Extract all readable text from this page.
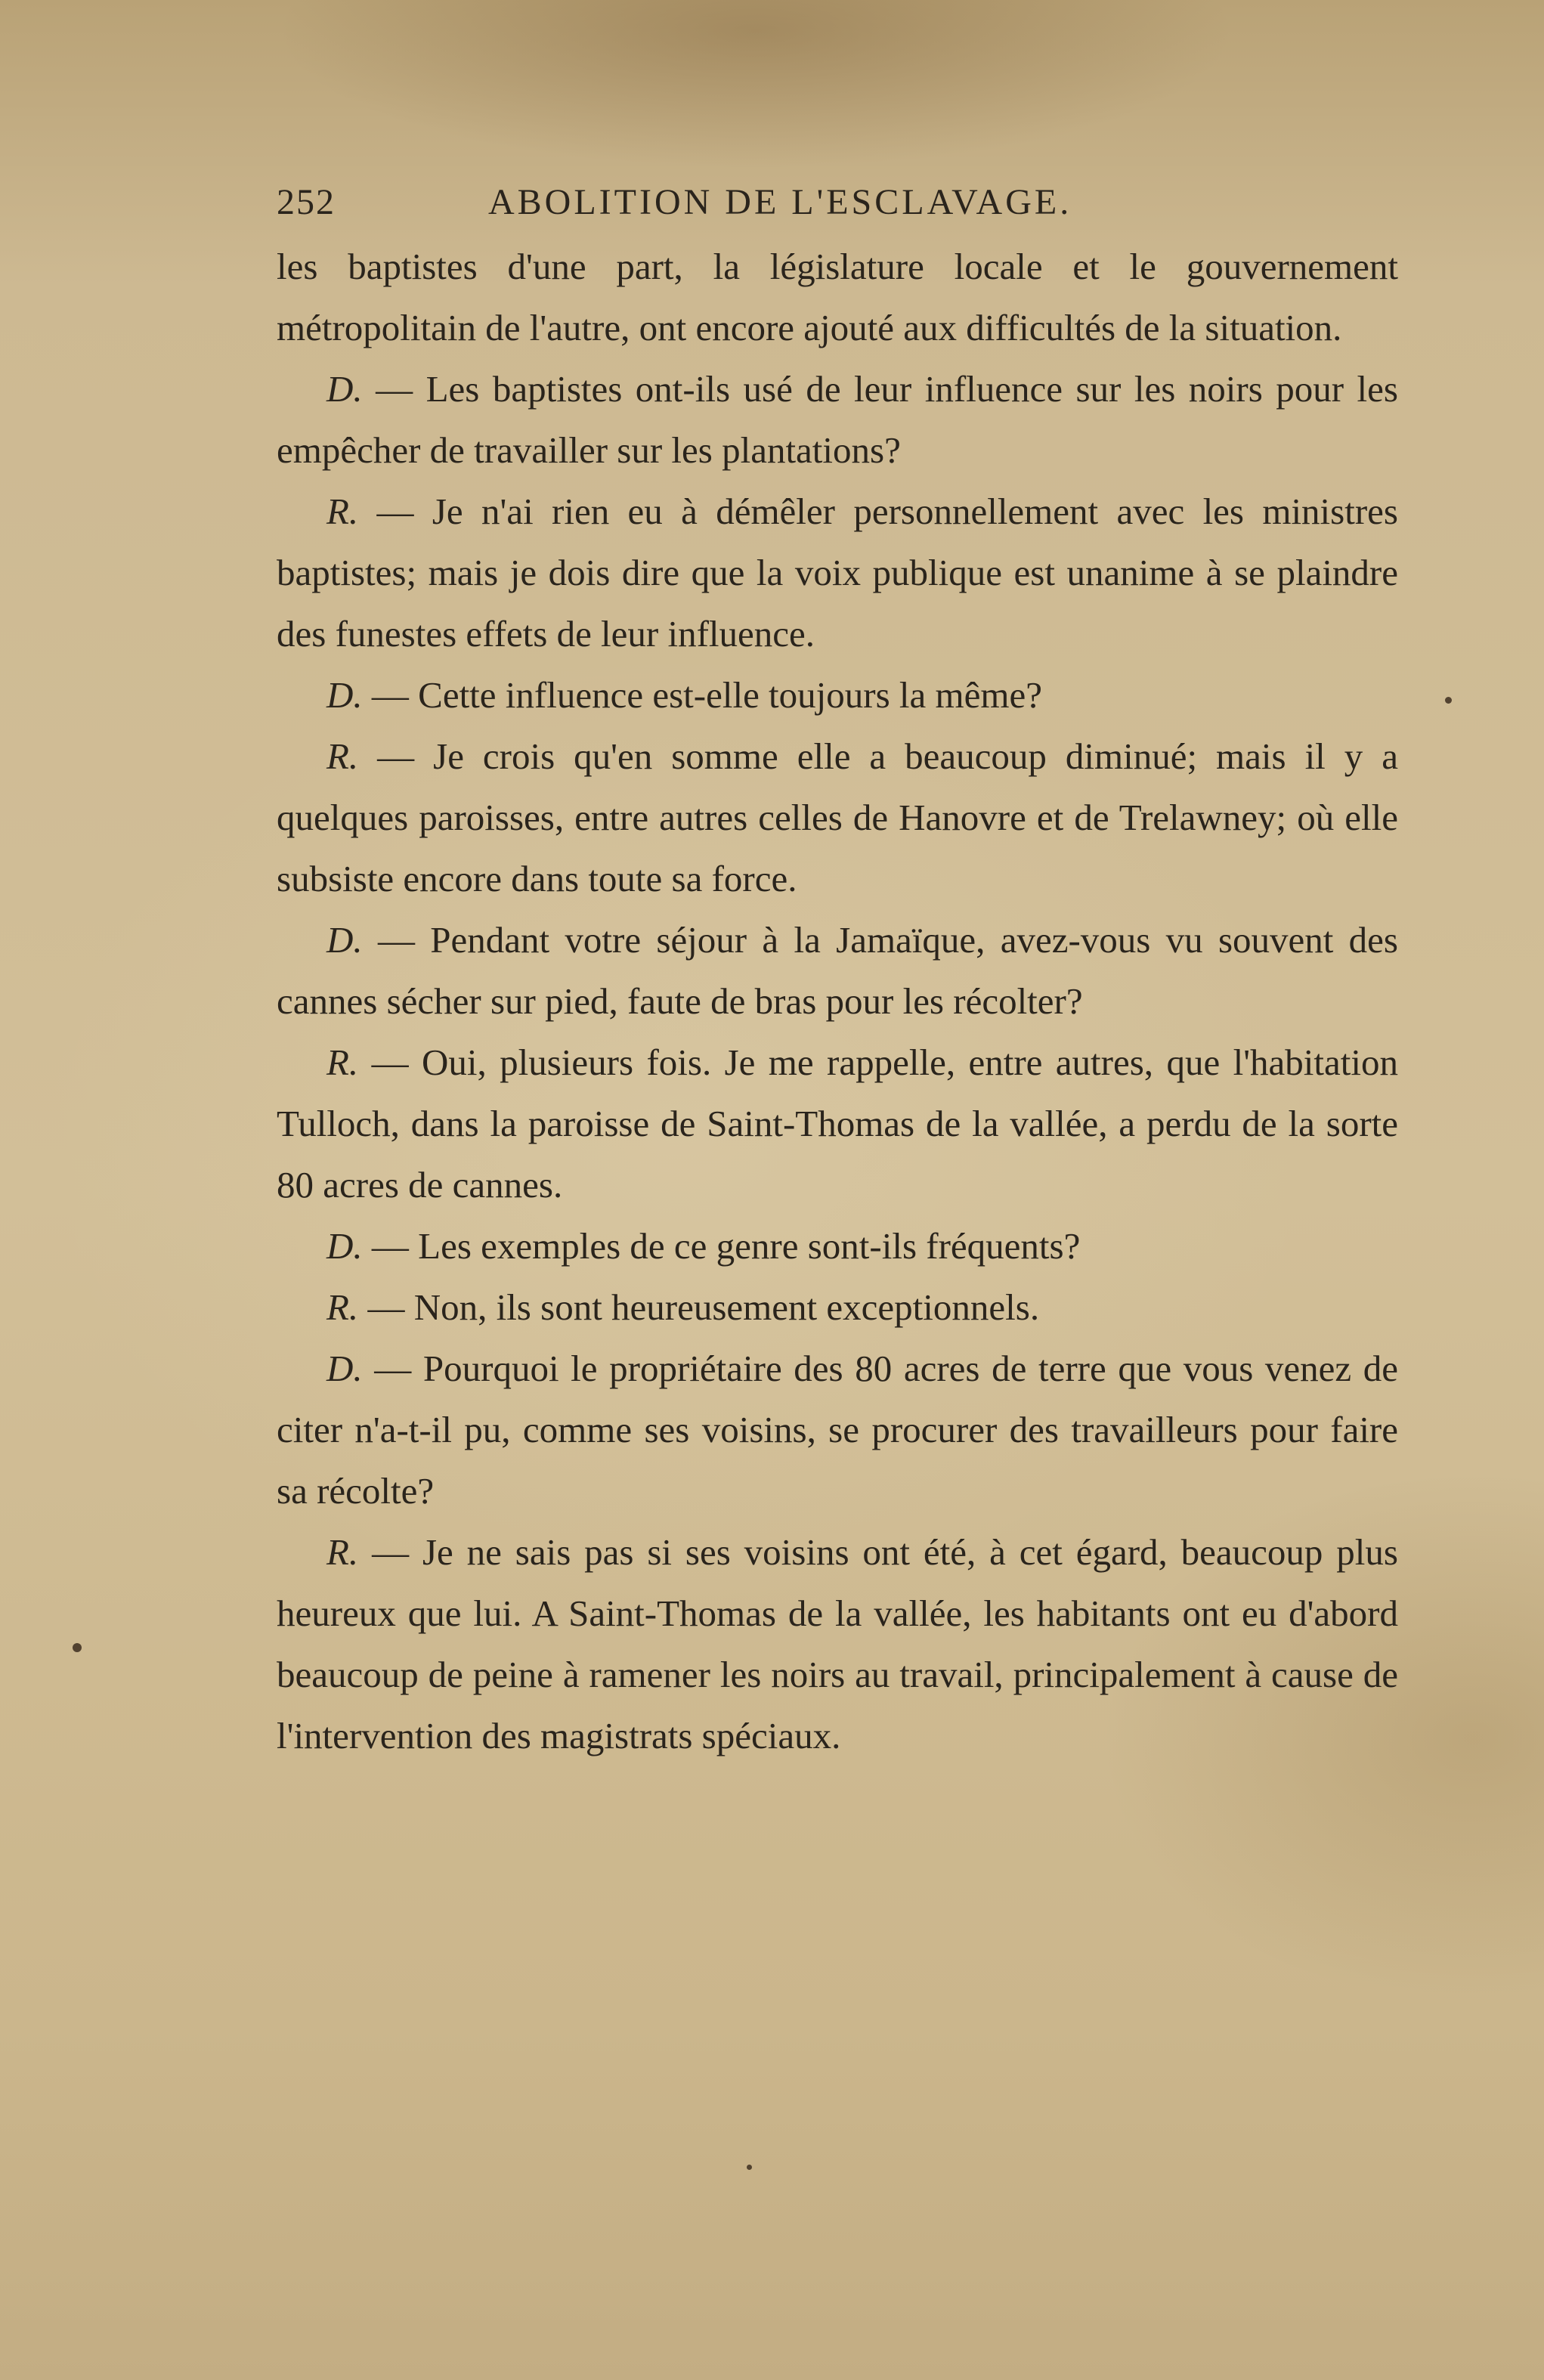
252	ABOLITION DE L'ESCLAVAGE.

les baptistes d'une part, la législature locale et le gouvernement métropolitain de l'autre, ont encore ajouté aux difficultés de la situation.

D. — Les baptistes ont-ils usé de leur influence sur les noirs pour les empêcher de travailler sur les plantations?

R. — Je n'ai rien eu à démêler personnellement avec les ministres baptistes; mais je dois dire que la voix publique est unanime à se plaindre des funestes effets de leur influence.

D. — Cette influence est-elle toujours la même?

R. — Je crois qu'en somme elle a beaucoup diminué; mais il y a quelques paroisses, entre autres celles de Hanovre et de Trelawney; où elle subsiste encore dans toute sa force.

D. — Pendant votre séjour à la Jamaïque, avez-vous vu souvent des cannes sécher sur pied, faute de bras pour les récolter?

R. — Oui, plusieurs fois. Je me rappelle, entre autres, que l'habitation Tulloch, dans la paroisse de Saint-Thomas de la vallée, a perdu de la sorte 80 acres de cannes.

D. — Les exemples de ce genre sont-ils fréquents?

R. — Non, ils sont heureusement exceptionnels.

D. — Pourquoi le propriétaire des 80 acres de terre que vous venez de citer n'a-t-il pu, comme ses voisins, se procurer des travailleurs pour faire sa récolte?

R. — Je ne sais pas si ses voisins ont été, à cet égard, beaucoup plus heureux que lui. A Saint-Thomas de la vallée, les habitants ont eu d'abord beaucoup de peine à ramener les noirs au travail, principalement à cause de l'intervention des magistrats spéciaux.
